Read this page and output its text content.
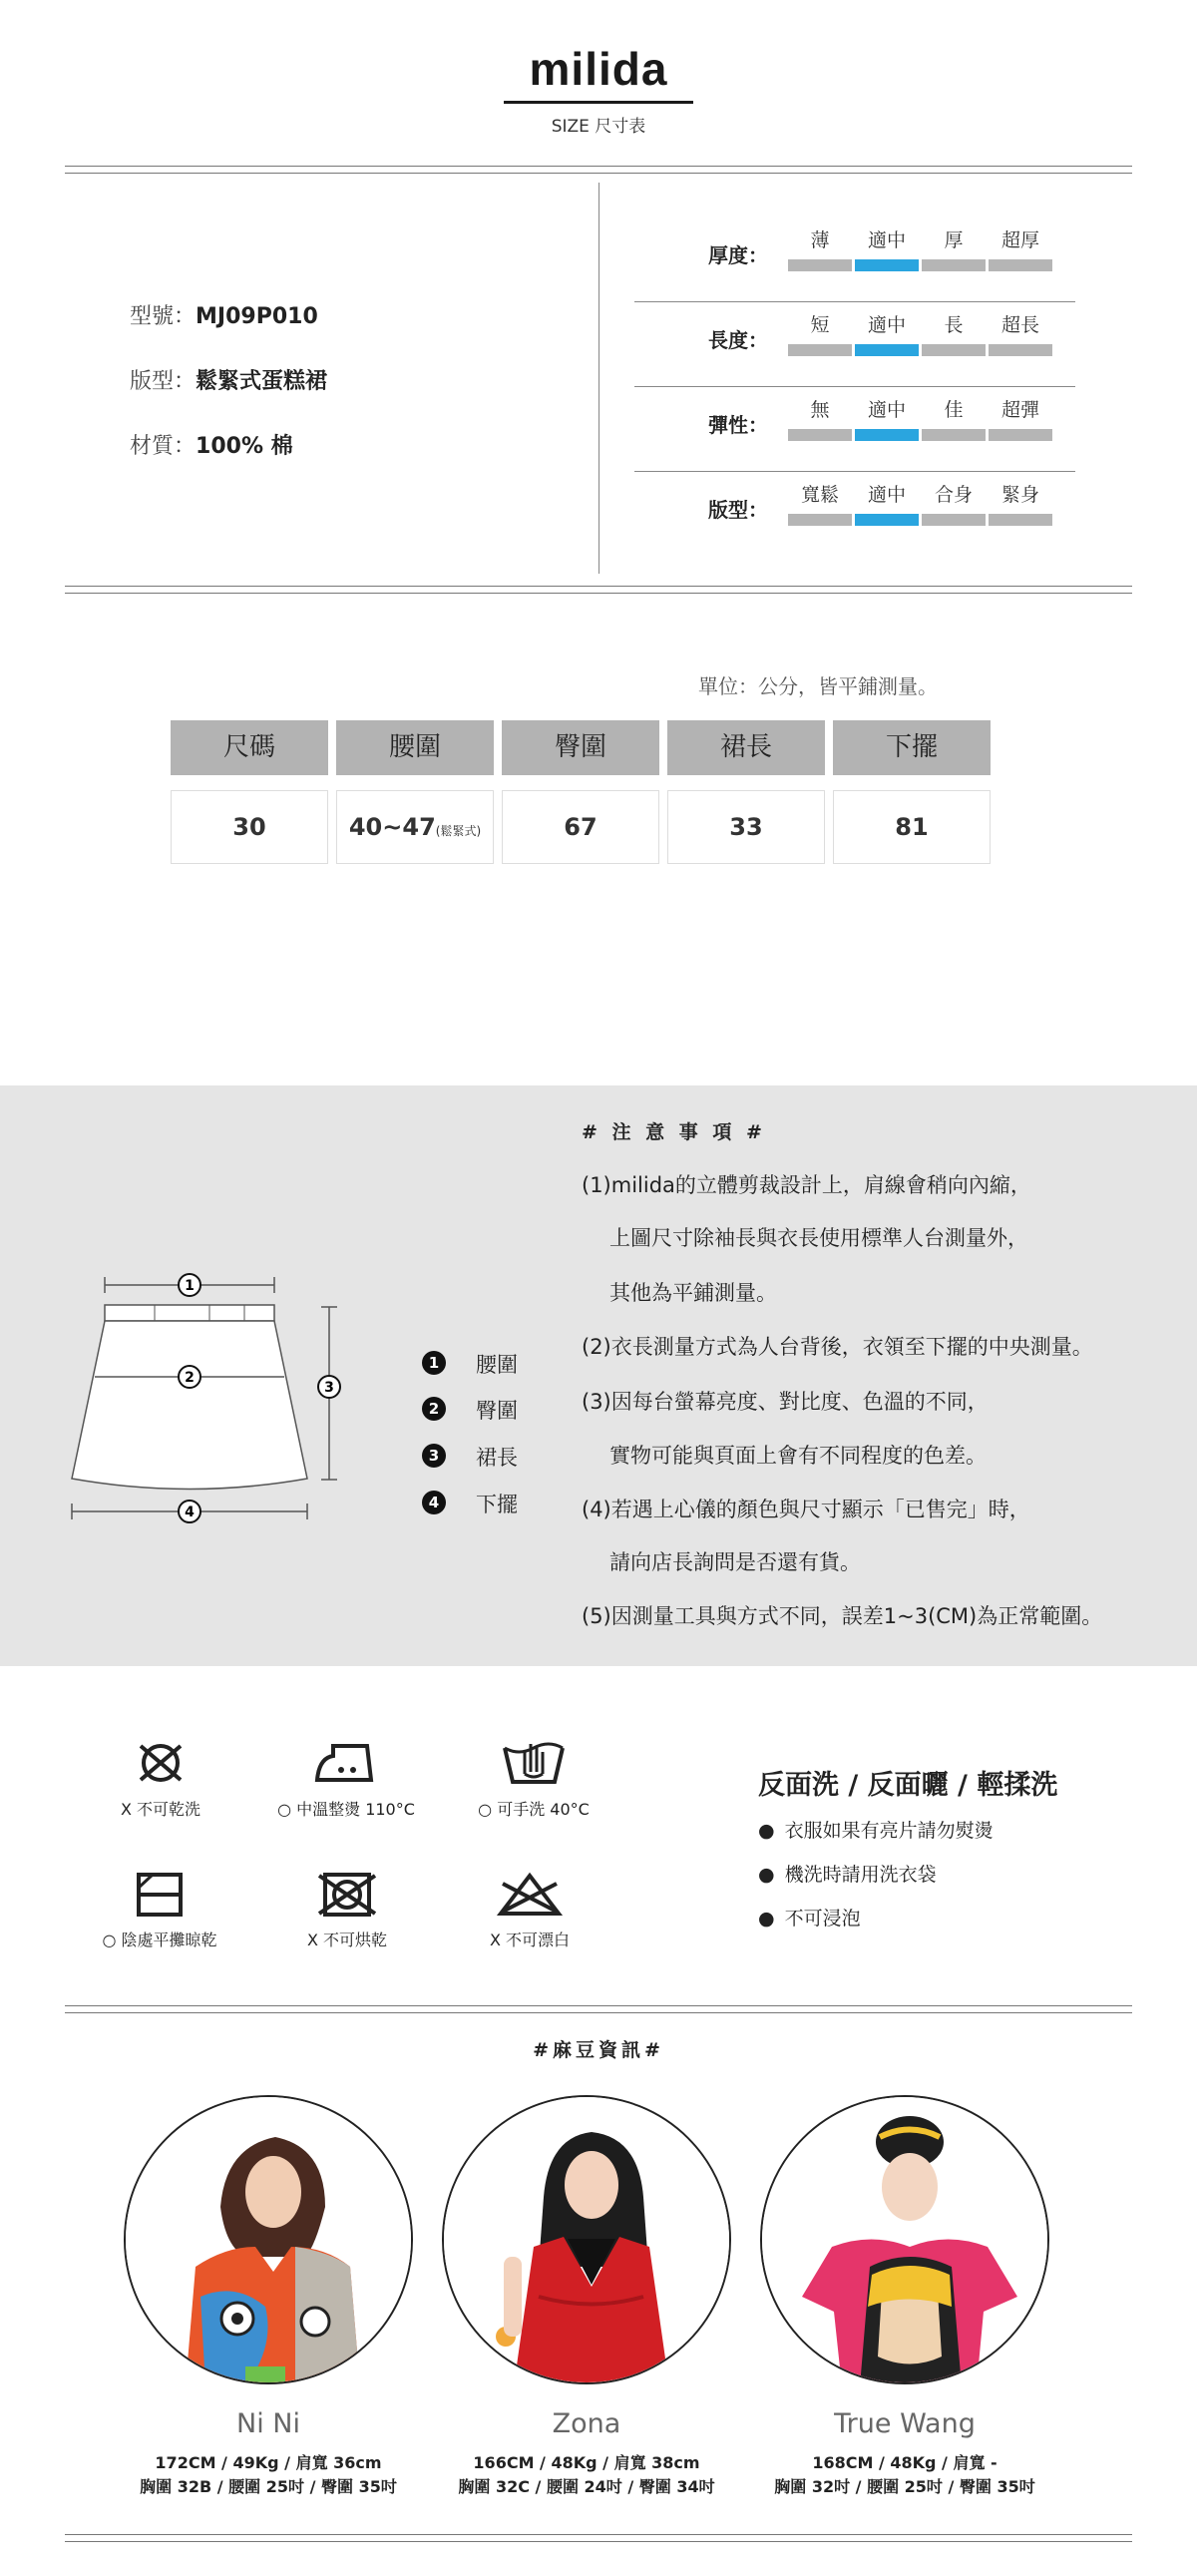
milida
SIZE 尺寸表
型號：MJ09P010
版型：鬆緊式蛋糕裙
材質：100% 棉
厚度：
薄	適中	厚	超厚
長度：
短	適中	長	超長
彈性：
無	適中	佳	超彈
版型：
寬鬆	適中	合身	緊身
單位：公分，皆平鋪測量。
尺碼	腰圍	臀圍	裙長	下擺
30	40~47(鬆緊式)	67	33	81
1
2
3
4
1	腰圍
2	臀圍
3	裙長
4	下擺
# 注 意 事 項 #
(1)milida的立體剪裁設計上，肩線會稍向內縮，
上圖尺寸除袖長與衣長使用標準人台測量外，
其他為平鋪測量。
(2)衣長測量方式為人台背後，衣領至下擺的中央測量。
(3)因每台螢幕亮度、對比度、色溫的不同，
實物可能與頁面上會有不同程度的色差。
(4)若遇上心儀的顏色與尺寸顯示「已售完」時，
請向店長詢問是否還有貨。
(5)因測量工具與方式不同，誤差1~3(CM)為正常範圍。
X 不可乾洗	○ 中溫整燙 110°C	○ 可手洗 40°C
○ 陰處平攤晾乾	X 不可烘乾	X 不可漂白
反面洗 / 反面曬 / 輕揉洗
● 衣服如果有亮片請勿熨燙
● 機洗時請用洗衣袋
● 不可浸泡
#麻豆資訊#
Ni Ni
172CM / 49Kg / 肩寬 36cm
胸圍 32B / 腰圍 25吋 / 臀圍 35吋
Zona
166CM / 48Kg / 肩寬 38cm
胸圍 32C / 腰圍 24吋 / 臀圍 34吋
True Wang
168CM / 48Kg / 肩寬 -
胸圍 32吋 / 腰圍 25吋 / 臀圍 35吋
